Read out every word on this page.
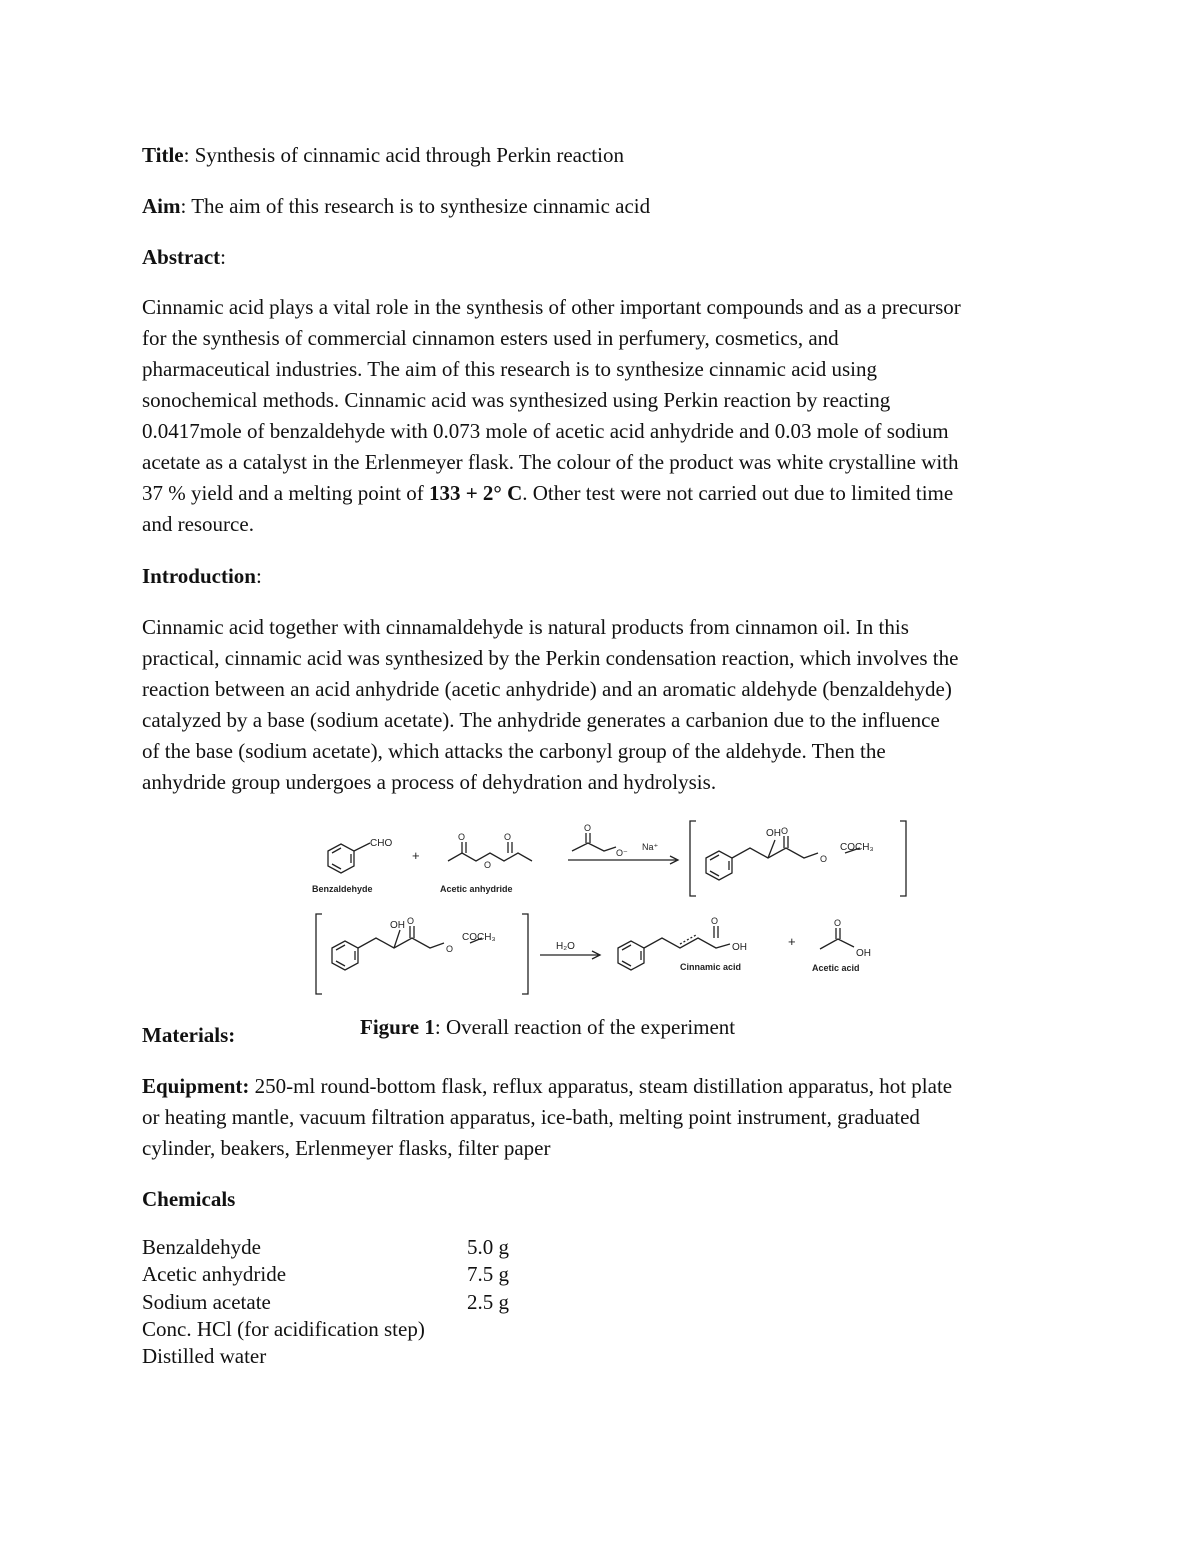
Title: Synthesis of cinnamic acid through Perkin reaction
Aim: The aim of this research is to synthesize cinnamic acid
Abstract:
Cinnamic acid plays a vital role in the synthesis of other important compounds and as a precursor
for the synthesis of commercial cinnamon esters used in perfumery, cosmetics, and
pharmaceutical industries. The aim of this research is to synthesize cinnamic acid using
sonochemical methods. Cinnamic acid was synthesized using Perkin reaction by reacting
0.0417mole of benzaldehyde with 0.073 mole of acetic acid anhydride and 0.03 mole of sodium
acetate as a catalyst in the Erlenmeyer flask. The colour of the product was white crystalline with
37 % yield and a melting point of 133 + 2° C. Other test were not carried out due to limited time
and resource.
Introduction:
Cinnamic acid together with cinnamaldehyde is natural products from cinnamon oil. In this
practical, cinnamic acid was synthesized by the Perkin condensation reaction, which involves the
reaction between an acid anhydride (acetic anhydride) and an aromatic aldehyde (benzaldehyde)
catalyzed by a base (sodium acetate). The anhydride generates a carbanion due to the influence
of the base (sodium acetate), which attacks the carbonyl group of the aldehyde. Then the
anhydride group undergoes a process of dehydration and hydrolysis.
CHO
+
Benzaldehyde	Acetic anhydride
O	O
O
O
O⁻
Na⁺
OH O
O
COCH₃
OH O
O
COCH₃
H₂O
O
OH	+
Cinnamic acid
O
OH
Acetic acid
Figure 1: Overall reaction of the experiment
Materials:
Equipment: 250-ml round-bottom flask, reflux apparatus, steam distillation apparatus, hot plate
or heating mantle, vacuum filtration apparatus, ice-bath, melting point instrument, graduated
cylinder, beakers, Erlenmeyer flasks, filter paper
Chemicals
Benzaldehyde	5.0 g
Acetic anhydride	7.5 g
Sodium acetate	2.5 g
Conc. HCl (for acidification step)
Distilled water
